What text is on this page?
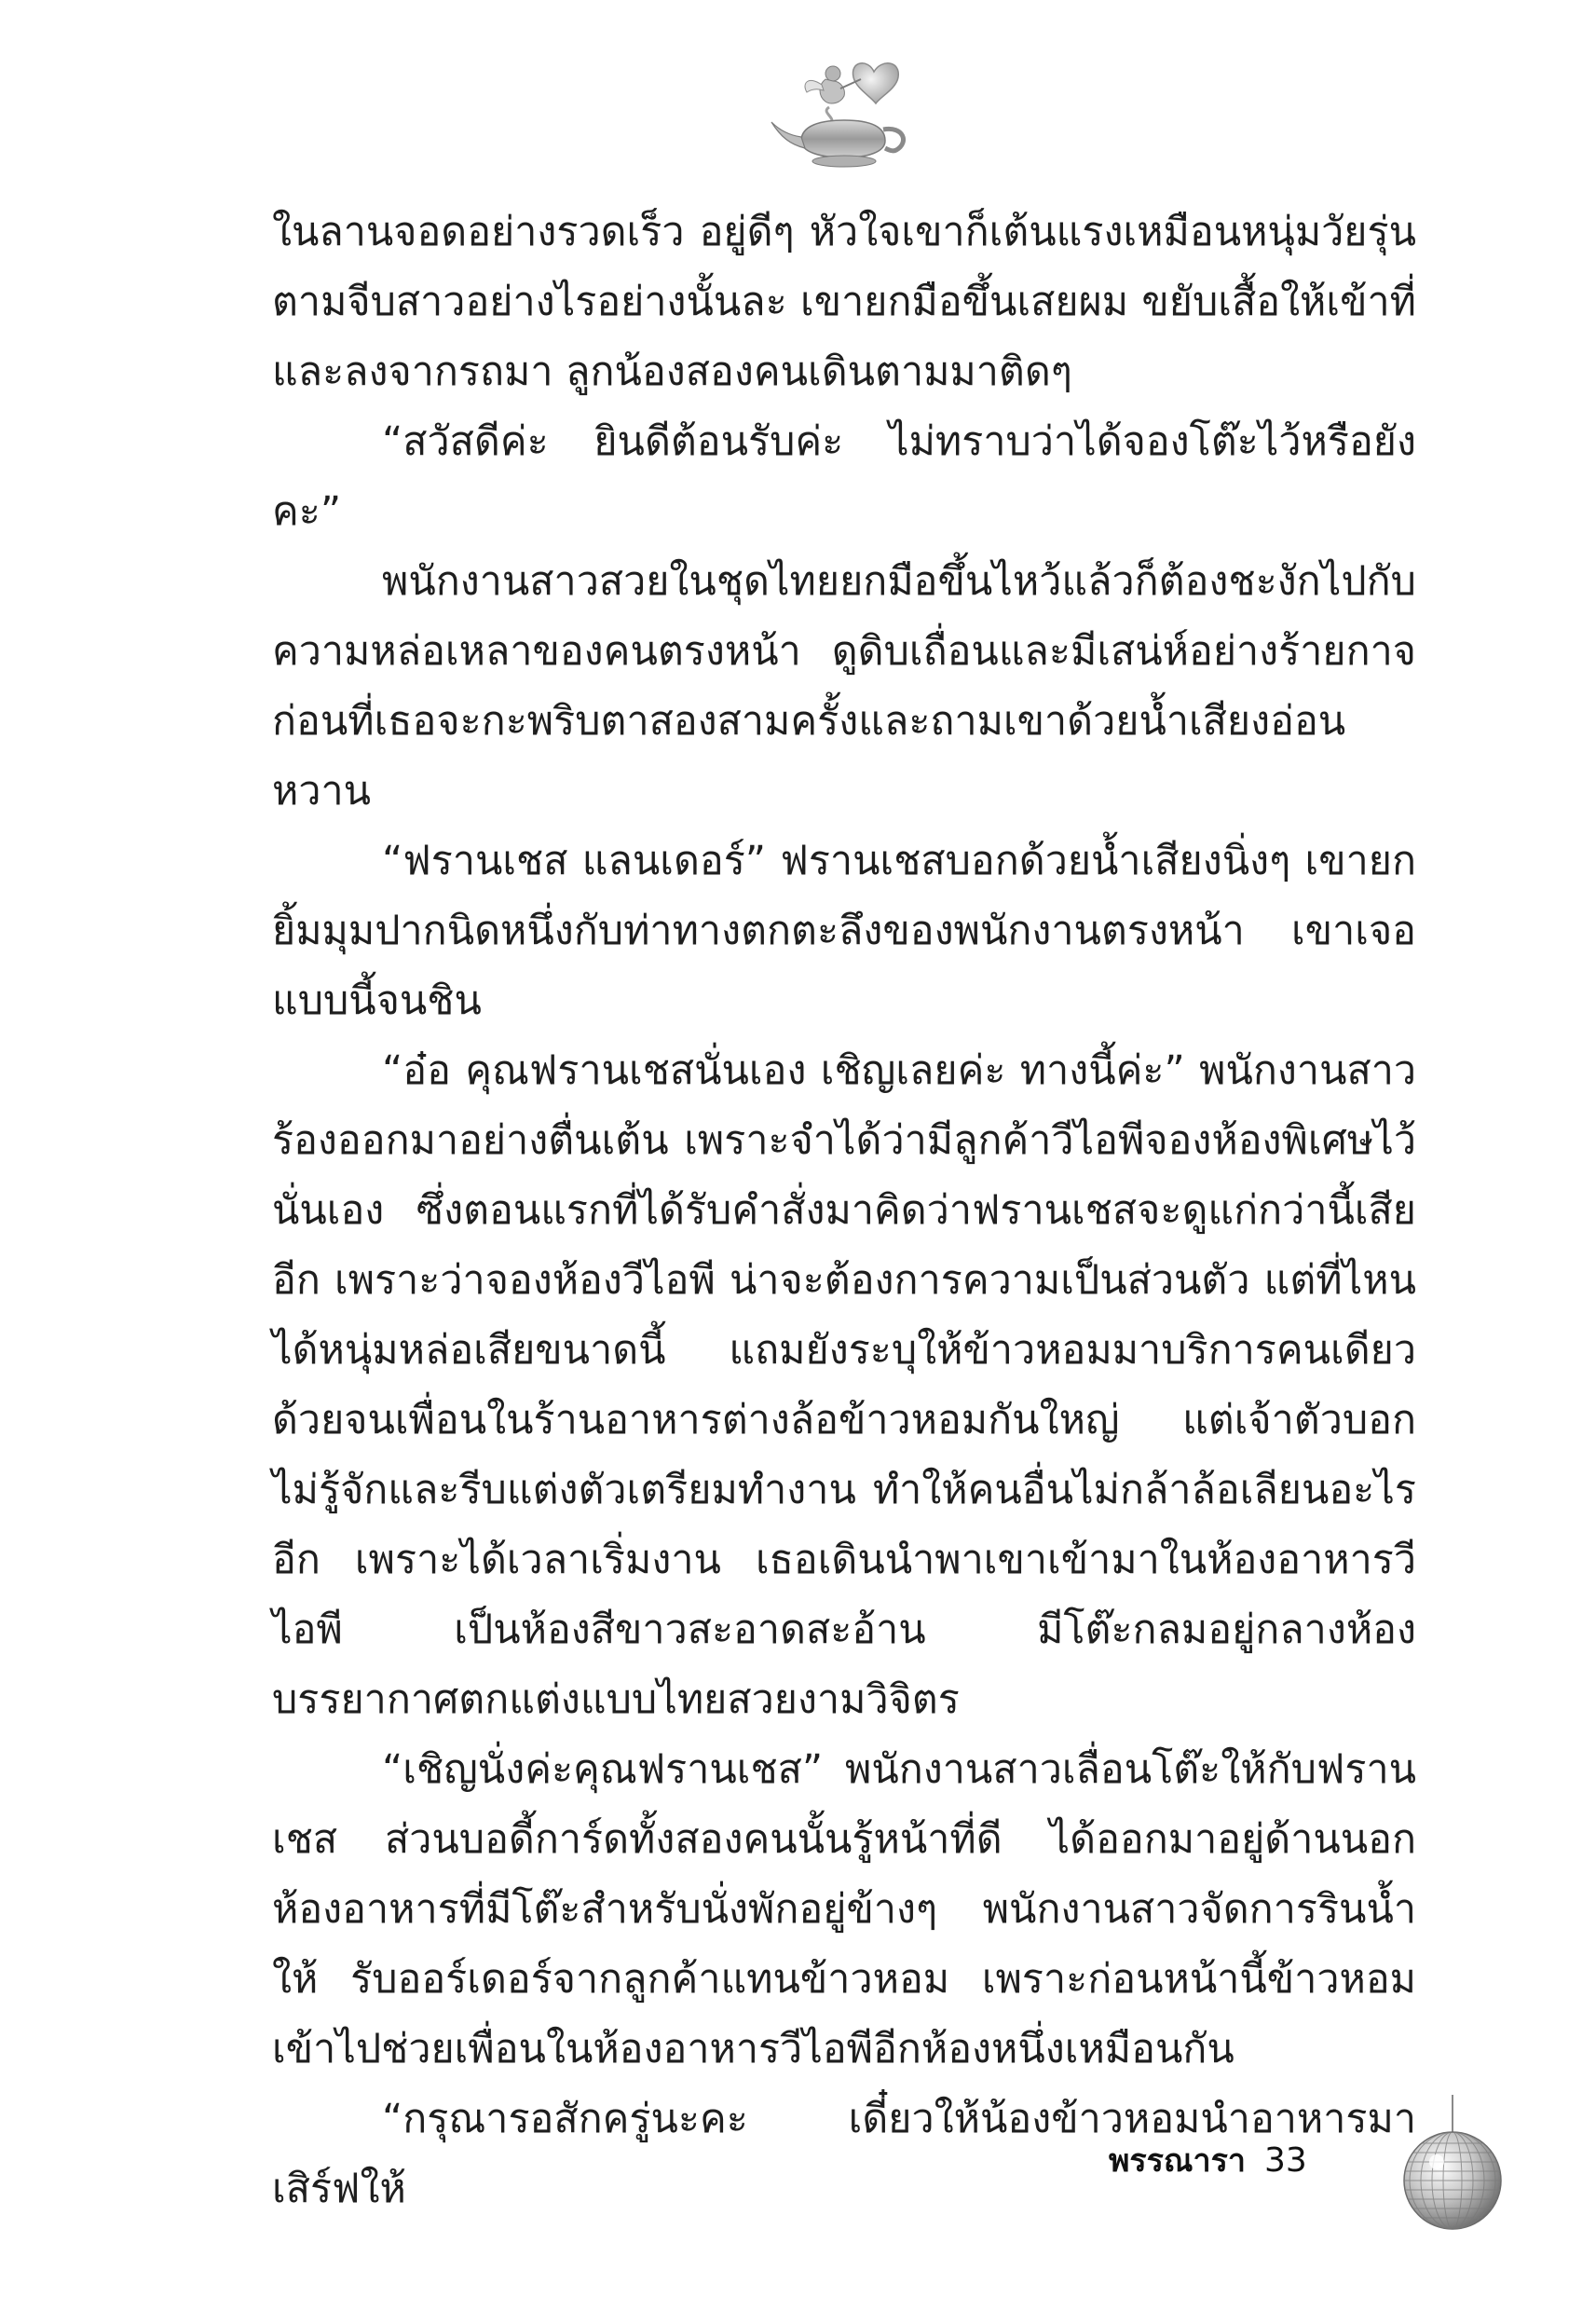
ในลานจอดอย่างรวดเร็ว อยู่ดีๆ หัวใจเขาก็เต้นแรงเหมือนหนุ่มวัยรุ่นตามจีบสาวอย่างไรอย่างนั้นละ เขายกมือขึ้นเสยผม ขยับเสื้อให้เข้าที่ และลงจากรถมา ลูกน้องสองคนเดินตามมาติดๆ

“สวัสดีค่ะ ยินดีต้อนรับค่ะ ไม่ทราบว่าได้จองโต๊ะไว้หรือยังคะ”

พนักงานสาวสวยในชุดไทยยกมือขึ้นไหว้แล้วก็ต้องชะงักไปกับความหล่อเหลาของคนตรงหน้า ดูดิบเถื่อนและมีเสน่ห์อย่างร้ายกาจก่อนที่เธอจะกะพริบตาสองสามครั้งและถามเขาด้วยน้ำเสียงอ่อนหวาน

“ฟรานเชส แลนเดอร์” ฟรานเชสบอกด้วยน้ำเสียงนิ่งๆ เขายกยิ้มมุมปากนิดหนึ่งกับท่าทางตกตะลึงของพนักงานตรงหน้า เขาเจอแบบนี้จนชิน

“อ๋อ คุณฟรานเชสนั่นเอง เชิญเลยค่ะ ทางนี้ค่ะ” พนักงานสาวร้องออกมาอย่างตื่นเต้น เพราะจำได้ว่ามีลูกค้าวีไอพีจองห้องพิเศษไว้นั่นเอง ซึ่งตอนแรกที่ได้รับคำสั่งมาคิดว่าฟรานเชสจะดูแก่กว่านี้เสียอีก เพราะว่าจองห้องวีไอพี น่าจะต้องการความเป็นส่วนตัว แต่ที่ไหนได้หนุ่มหล่อเสียขนาดนี้ แถมยังระบุให้ข้าวหอมมาบริการคนเดียวด้วยจนเพื่อนในร้านอาหารต่างล้อข้าวหอมกันใหญ่ แต่เจ้าตัวบอกไม่รู้จักและรีบแต่งตัวเตรียมทำงาน ทำให้คนอื่นไม่กล้าล้อเลียนอะไรอีก เพราะได้เวลาเริ่มงาน เธอเดินนำพาเขาเข้ามาในห้องอาหารวีไอพี เป็นห้องสีขาวสะอาดสะอ้าน มีโต๊ะกลมอยู่กลางห้อง บรรยากาศตกแต่งแบบไทยสวยงามวิจิตร

“เชิญนั่งค่ะคุณฟรานเชส” พนักงานสาวเลื่อนโต๊ะให้กับฟรานเชส ส่วนบอดี้การ์ดทั้งสองคนนั้นรู้หน้าที่ดี ได้ออกมาอยู่ด้านนอกห้องอาหารที่มีโต๊ะสำหรับนั่งพักอยู่ข้างๆ พนักงานสาวจัดการรินน้ำให้ รับออร์เดอร์จากลูกค้าแทนข้าวหอม เพราะก่อนหน้านี้ข้าวหอมเข้าไปช่วยเพื่อนในห้องอาหารวีไอพีอีกห้องหนึ่งเหมือนกัน

“กรุณารอสักครู่นะคะ เดี๋ยวให้น้องข้าวหอมนำอาหารมาเสิร์ฟให้

พรรณารา 33
